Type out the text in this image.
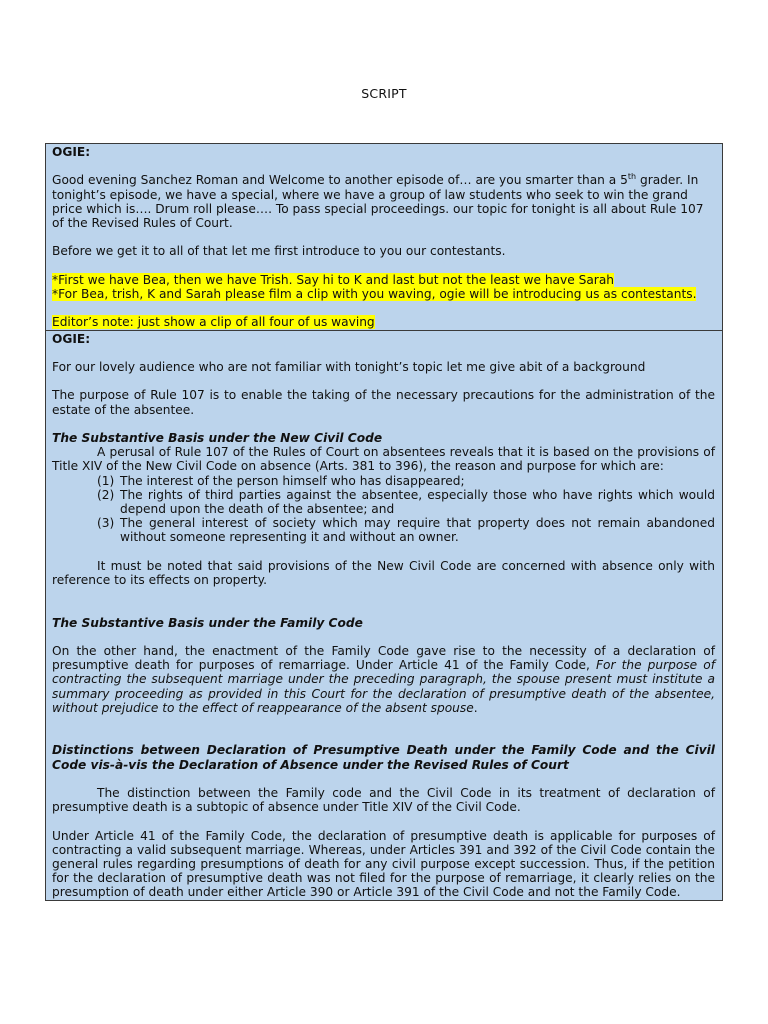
SCRIPT

OGIE:

Good evening Sanchez Roman and Welcome to another episode of… are you smarter than a 5th grader. In tonight’s episode, we have a special, where we have a group of law students who seek to win the grand price which is…. Drum roll please…. To pass special proceedings. our topic for tonight is all about Rule 107 of the Revised Rules of Court.

Before we get it to all of that let me first introduce to you our contestants.

*First we have Bea, then we have Trish. Say hi to K and last but not the least we have Sarah
*For Bea, trish, K and Sarah please film a clip with you waving, ogie will be introducing us as contestants.

Editor’s note: just show a clip of all four of us waving

OGIE:

For our lovely audience who are not familiar with tonight’s topic let me give abit of a background

The purpose of Rule 107 is to enable the taking of the necessary precautions for the administration of the estate of the absentee.

The Substantive Basis under the New Civil Code

A perusal of Rule 107 of the Rules of Court on absentees reveals that it is based on the provisions of Title XIV of the New Civil Code on absence (Arts. 381 to 396), the reason and purpose for which are:

(1) The interest of the person himself who has disappeared;
(2) The rights of third parties against the absentee, especially those who have rights which would depend upon the death of the absentee; and
(3) The general interest of society which may require that property does not remain abandoned without someone representing it and without an owner.

It must be noted that said provisions of the New Civil Code are concerned with absence only with reference to its effects on property.

The Substantive Basis under the Family Code

On the other hand, the enactment of the Family Code gave rise to the necessity of a declaration of presumptive death for purposes of remarriage. Under Article 41 of the Family Code, For the purpose of contracting the subsequent marriage under the preceding paragraph, the spouse present must institute a summary proceeding as provided in this Court for the declaration of presumptive death of the absentee, without prejudice to the effect of reappearance of the absent spouse.

Distinctions between Declaration of Presumptive Death under the Family Code and the Civil Code vis-à-vis the Declaration of Absence under the Revised Rules of Court

The distinction between the Family code and the Civil Code in its treatment of declaration of presumptive death is a subtopic of absence under Title XIV of the Civil Code.

Under Article 41 of the Family Code, the declaration of presumptive death is applicable for purposes of contracting a valid subsequent marriage. Whereas, under Articles 391 and 392 of the Civil Code contain the general rules regarding presumptions of death for any civil purpose except succession. Thus, if the petition for the declaration of presumptive death was not filed for the purpose of remarriage, it clearly relies on the presumption of death under either Article 390 or Article 391 of the Civil Code and not the Family Code.
